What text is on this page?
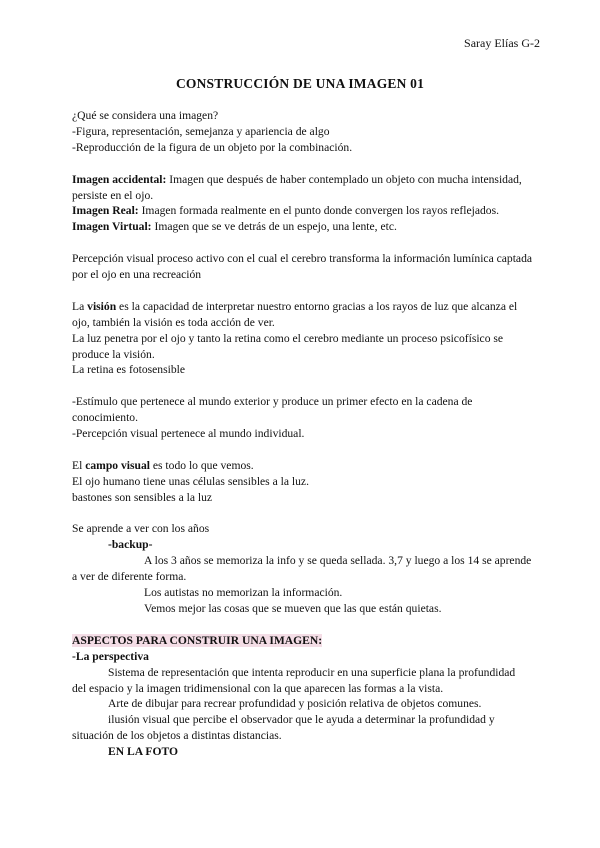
Saray Elías G-2
CONSTRUCCIÓN DE UNA IMAGEN 01

¿Qué se considera una imagen?

-Figura, representación, semejanza y apariencia de algo

-Reproducción de la figura de un objeto por la combinación.

Imagen accidental: Imagen que después de haber contemplado un objeto con mucha intensidad, persiste en el ojo.

Imagen Real: Imagen formada realmente en el punto donde convergen los rayos reflejados.

Imagen Virtual: Imagen que se ve detrás de un espejo, una lente, etc.

Percepción visual proceso activo con el cual el cerebro transforma la información lumínica captada por el ojo en una recreación

La visión es la capacidad de interpretar nuestro entorno gracias a los rayos de luz que alcanza el ojo, también la visión es toda acción de ver.

La luz penetra por el ojo y tanto la retina como el cerebro mediante un proceso psicofísico se produce la visión.

La retina es fotosensible

-Estímulo que pertenece al mundo exterior y produce un primer efecto en la cadena de conocimiento.

-Percepción visual pertenece al mundo individual.

El campo visual es todo lo que vemos.

El ojo humano tiene unas células sensibles a la luz.

bastones son sensibles a la luz

Se aprende a ver con los años

-backup-

A los 3 años se memoriza la info y se queda sellada. 3,7 y luego a los 14 se aprende a ver de diferente forma.

Los autistas no memorizan la información.

Vemos mejor las cosas que se mueven que las que están quietas.

ASPECTOS PARA CONSTRUIR UNA IMAGEN:

-La perspectiva

Sistema de representación que intenta reproducir en una superficie plana la profundidad del espacio y la imagen tridimensional con la que aparecen las formas a la vista.

Arte de dibujar para recrear profundidad y posición relativa de objetos comunes.

ilusión visual que percibe el observador que le ayuda a determinar la profundidad y situación de los objetos a distintas distancias.

EN LA FOTO
